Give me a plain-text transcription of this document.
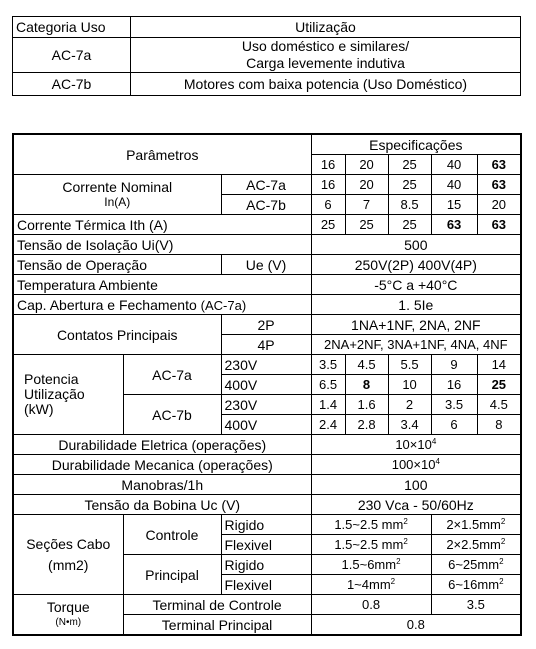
Categoria Uso	Utilização
AC-7a	Uso doméstico e similares/
Carga levemente indutiva

AC-7b	Motores com baixa potencia (Uso Doméstico)
Parâmetros			Especificações				
			16	20	25	40	63

Corrente Nominal
In(A)		AC-7a	16	20	25	40	63
		AC-7b	6	7	8.5	15	20
Corrente Térmica Ith (A)			25	25	25	63	63
Tensão de Isolação Ui(V)			500				
Tensão de Operação		Ue (V)	250V(2P) 400V(4P)				
Temperatura Ambiente			-5°C a +40°C				
Cap. Abertura e Fechamento (AC-7a)			1. 5Ie				
Contatos Principais		2P	1NA+1NF, 2NA, 2NF				
		4P	2NA+2NF, 3NA+1NF, 4NA, 4NF				

Potencia
Utilização
(kW)	AC-7a	230V	3.5	4.5	5.5	9	14
		400V	6.5	8	10	16	25
	AC-7b	230V	1.4	1.6	2	3.5	4.5
		400V	2.4	2.8	3.4	6	8
Durabilidade Eletrica (operações)			$10\times 10^4$
Durabilidade Mecanica (operações)			$100\times 10^4$
Manobras/1h			100				
Tensão da Bobina Uc (V)			230 Vca - 50/60Hz				

Seções Cabo
(mm2)	Controle	Rigido	1.5~2.5 $mm^2$			$2\times 1.5mm^2$
		Flexivel	1.5~2.5 $mm^2$			$2\times 2.5mm^2$
	Principal	Rigido	$1.5\sim 6mm^2$			$6\sim 25mm^2$
		Flexivel	$1\sim 4mm^2$			$6\sim 16mm^2$

Torque
(N•m)	Terminal de Controle		0.8			3.5	
	Terminal Principal		0.8				
